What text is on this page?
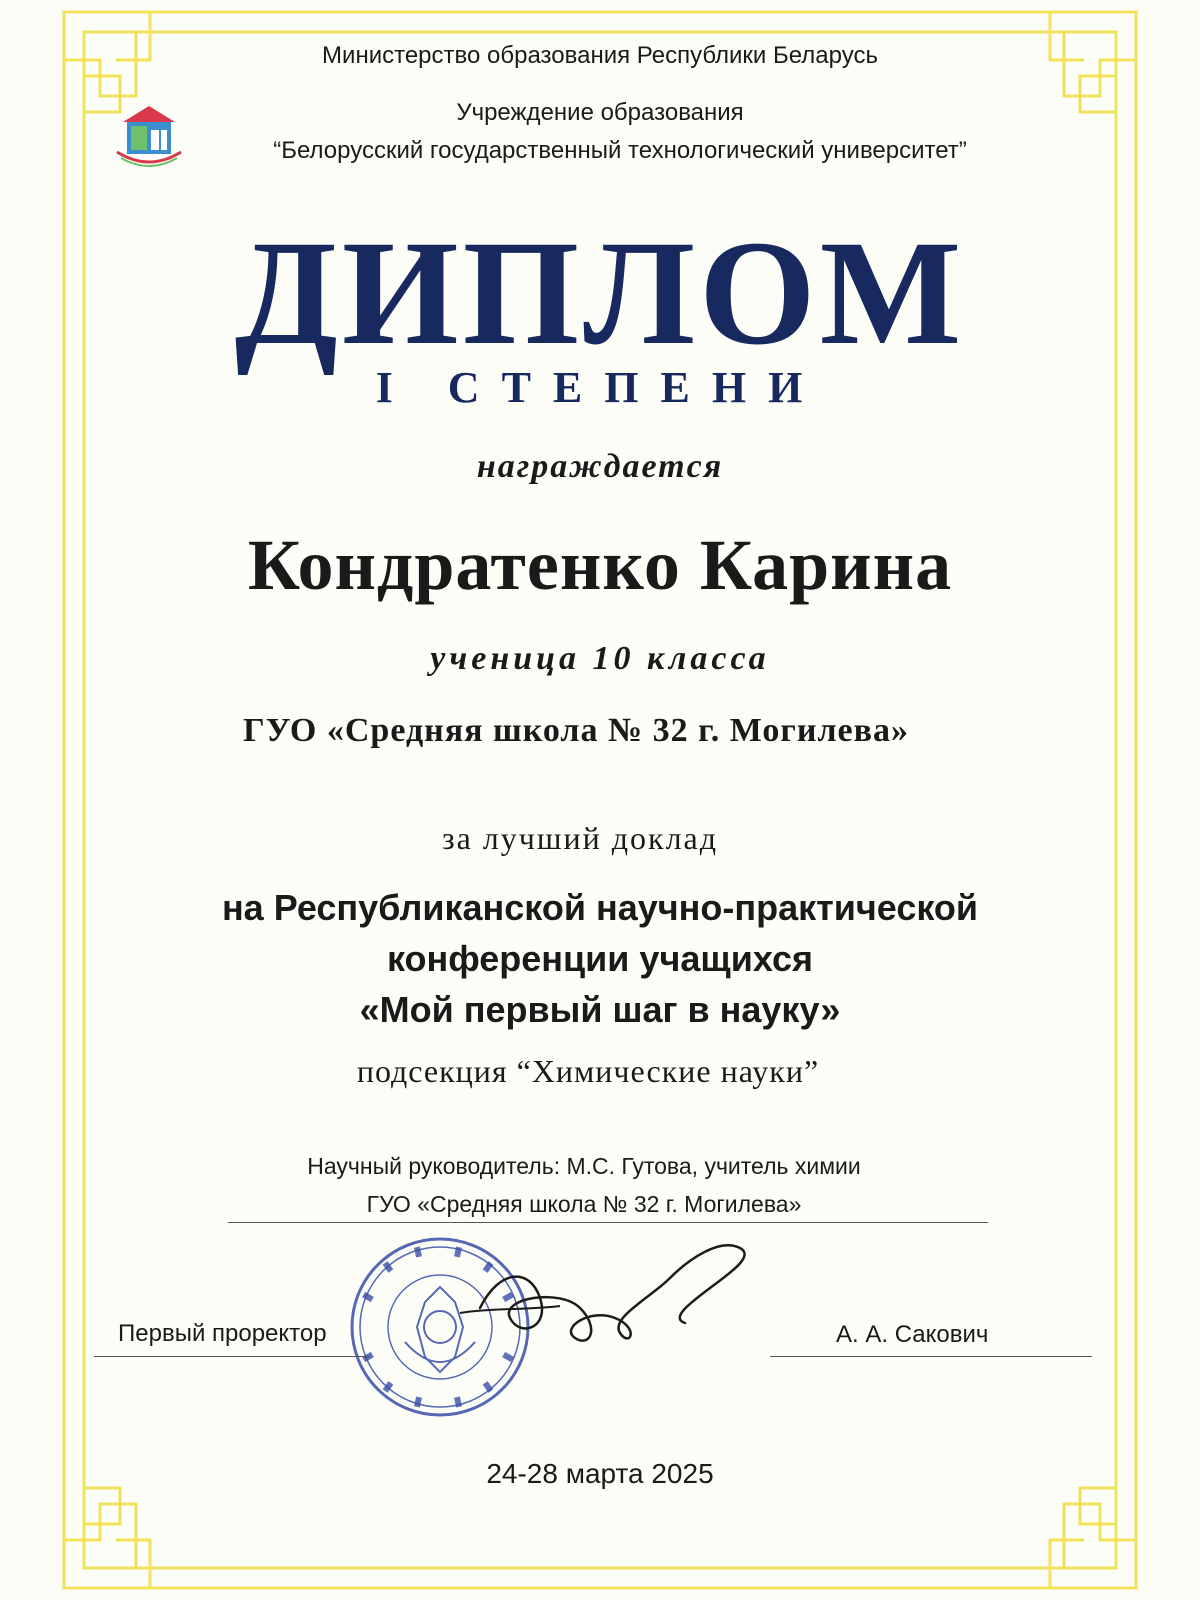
Министерство образования Республики Беларусь
Учреждение образования
“Белорусский государственный технологический университет”
ДИПЛОМ
I СТЕПЕНИ
награждается
Кондратенко Карина
ученица 10 класса
ГУО «Средняя школа № 32 г. Могилева»
за лучший доклад
на Республиканской научно-практической
конференции учащихся
«Мой первый шаг в науку»
подсекция “Химические науки”
Научный руководитель: М.С. Гутова, учитель химии
ГУО «Средняя школа № 32 г. Могилева»
Первый проректор	А. А. Сакович
24-28 марта 2025
